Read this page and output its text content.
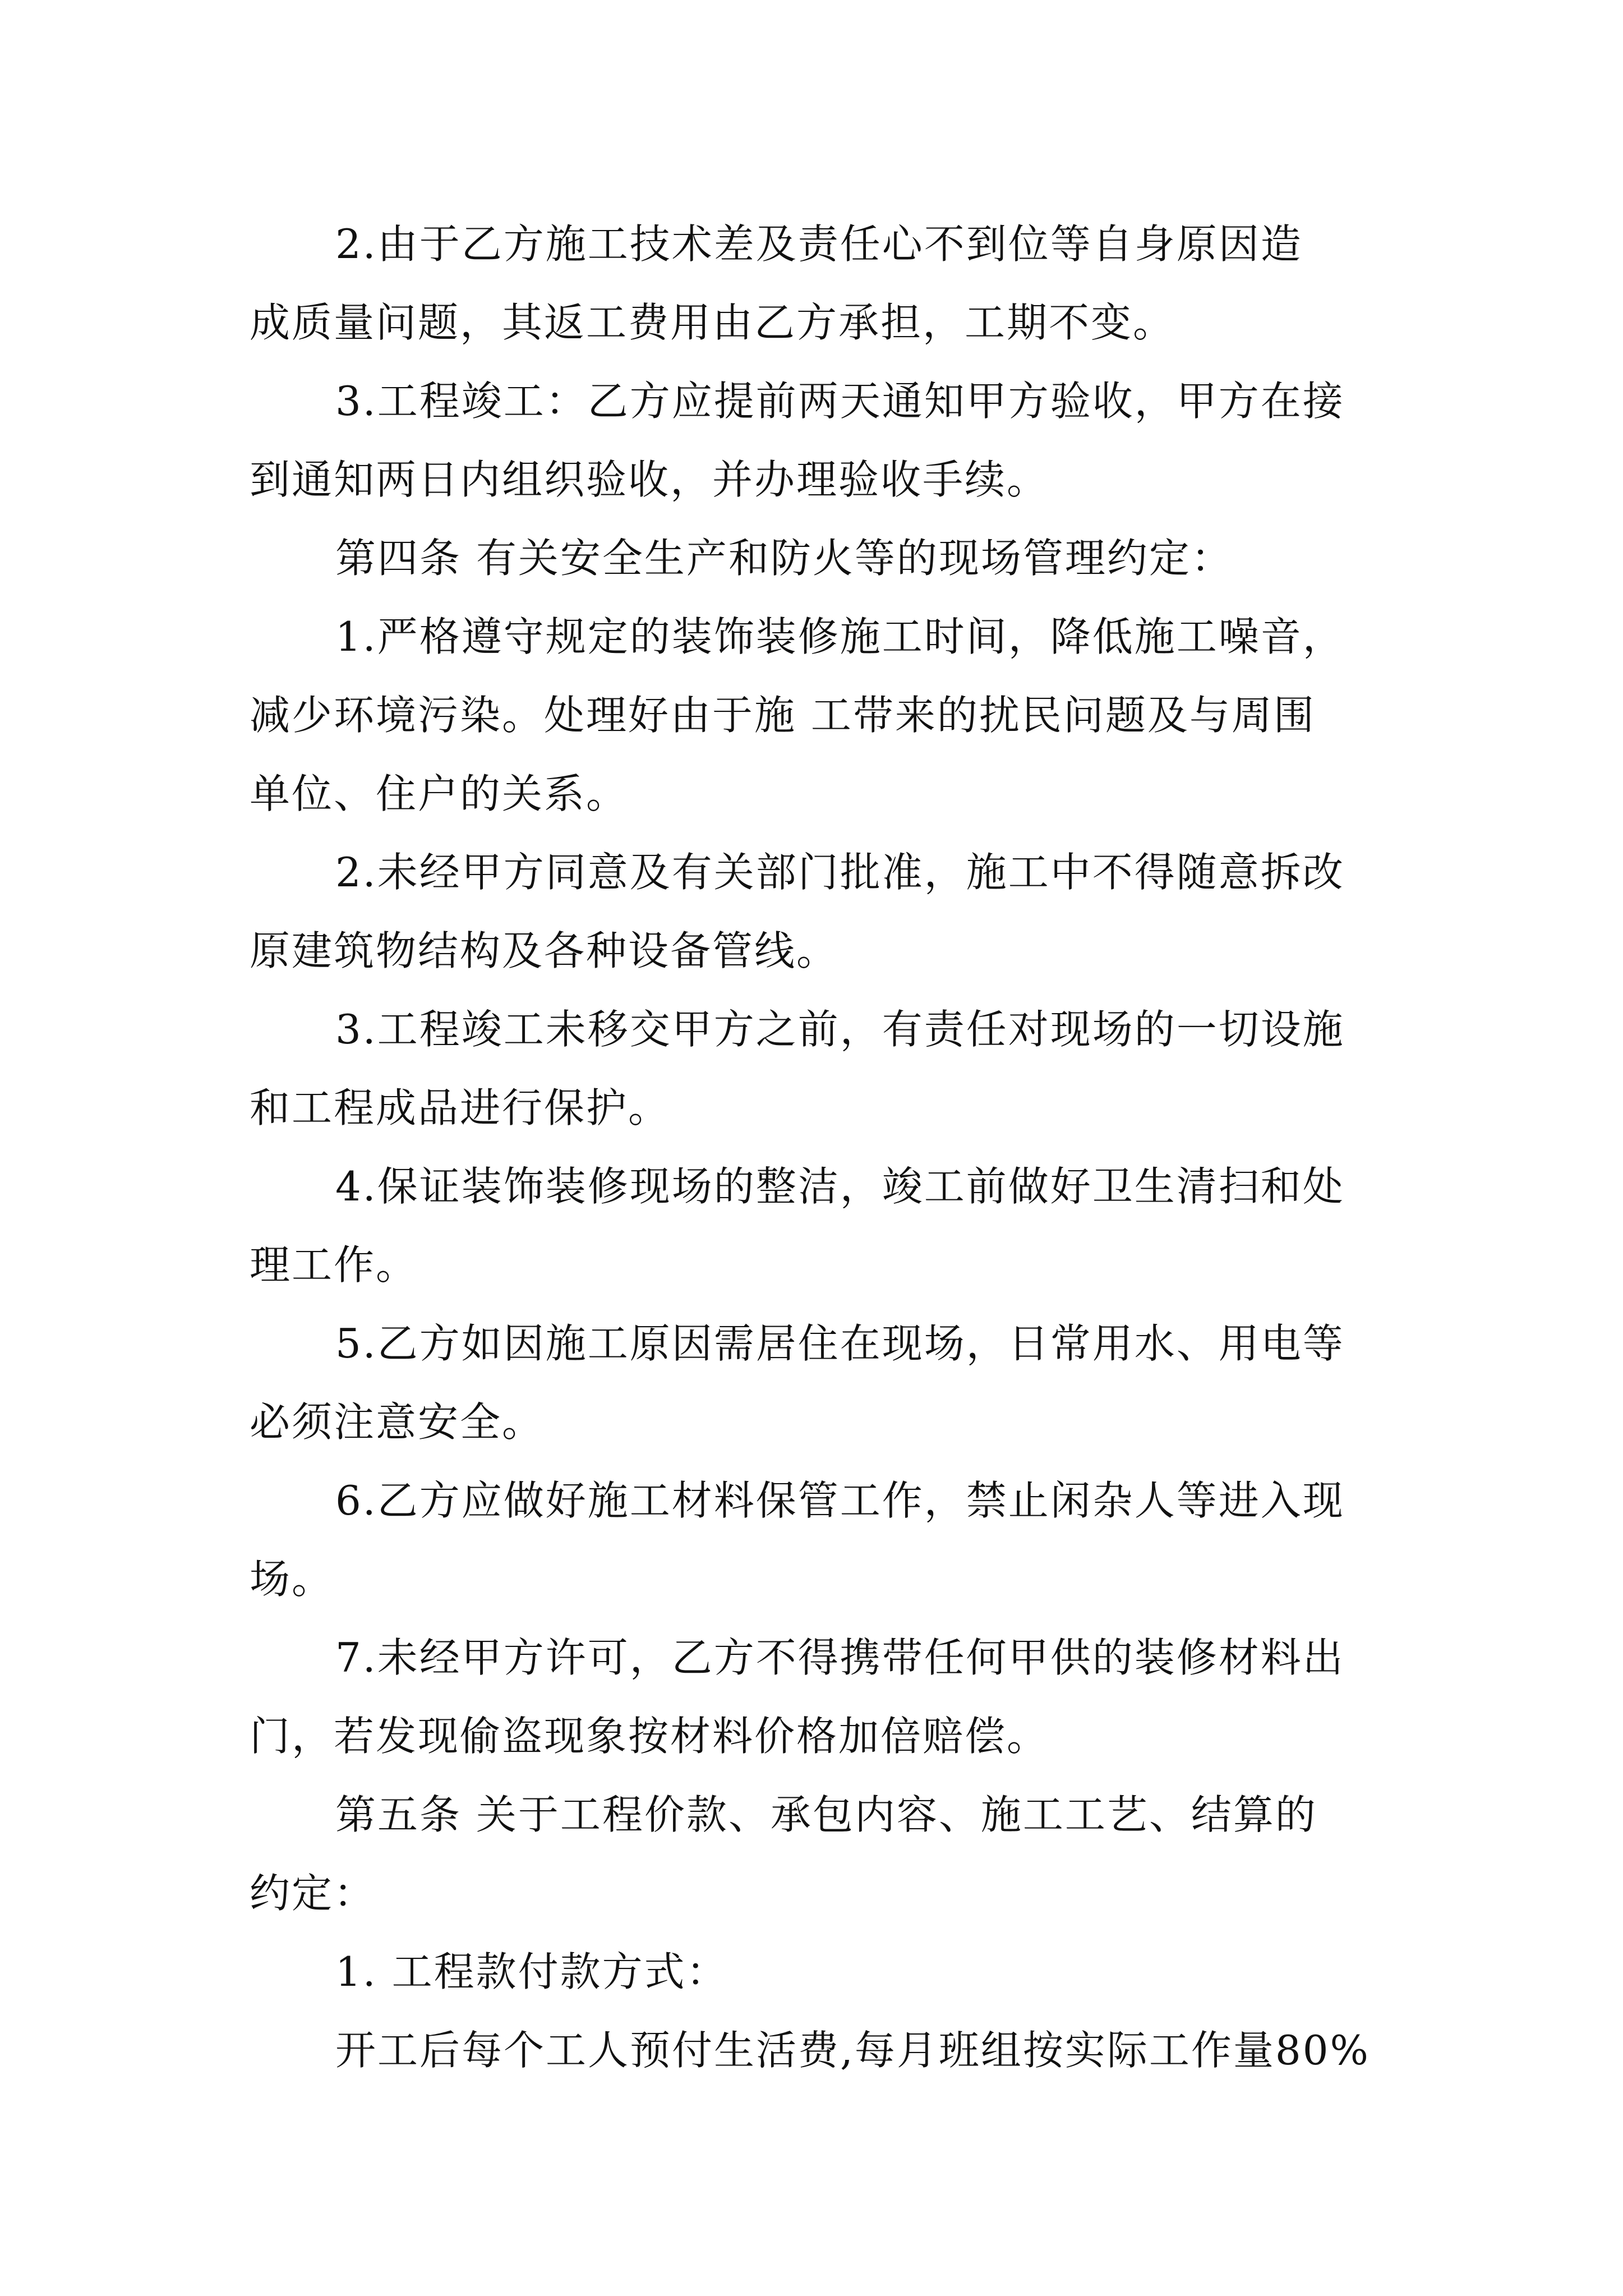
2.由于乙方施工技术差及责任心不到位等自身原因造

成质量问题，其返工费用由乙方承担，工期不变。

3.工程竣工：乙方应提前两天通知甲方验收，甲方在接

到通知两日内组织验收，并办理验收手续。

第四条 有关安全生产和防火等的现场管理约定：

1.严格遵守规定的装饰装修施工时间，降低施工噪音，

减少环境污染。处理好由于施 工带来的扰民问题及与周围

单位、住户的关系。

2.未经甲方同意及有关部门批准，施工中不得随意拆改

原建筑物结构及各种设备管线。

3.工程竣工未移交甲方之前，有责任对现场的一切设施

和工程成品进行保护。

4.保证装饰装修现场的整洁，竣工前做好卫生清扫和处

理工作。

5.乙方如因施工原因需居住在现场，日常用水、用电等

必须注意安全。

6.乙方应做好施工材料保管工作，禁止闲杂人等进入现

场。

7.未经甲方许可，乙方不得携带任何甲供的装修材料出

门，若发现偷盗现象按材料价格加倍赔偿。

第五条 关于工程价款、承包内容、施工工艺、结算的

约定：

1. 工程款付款方式：

开工后每个工人预付生活费,每月班组按实际工作量80%
